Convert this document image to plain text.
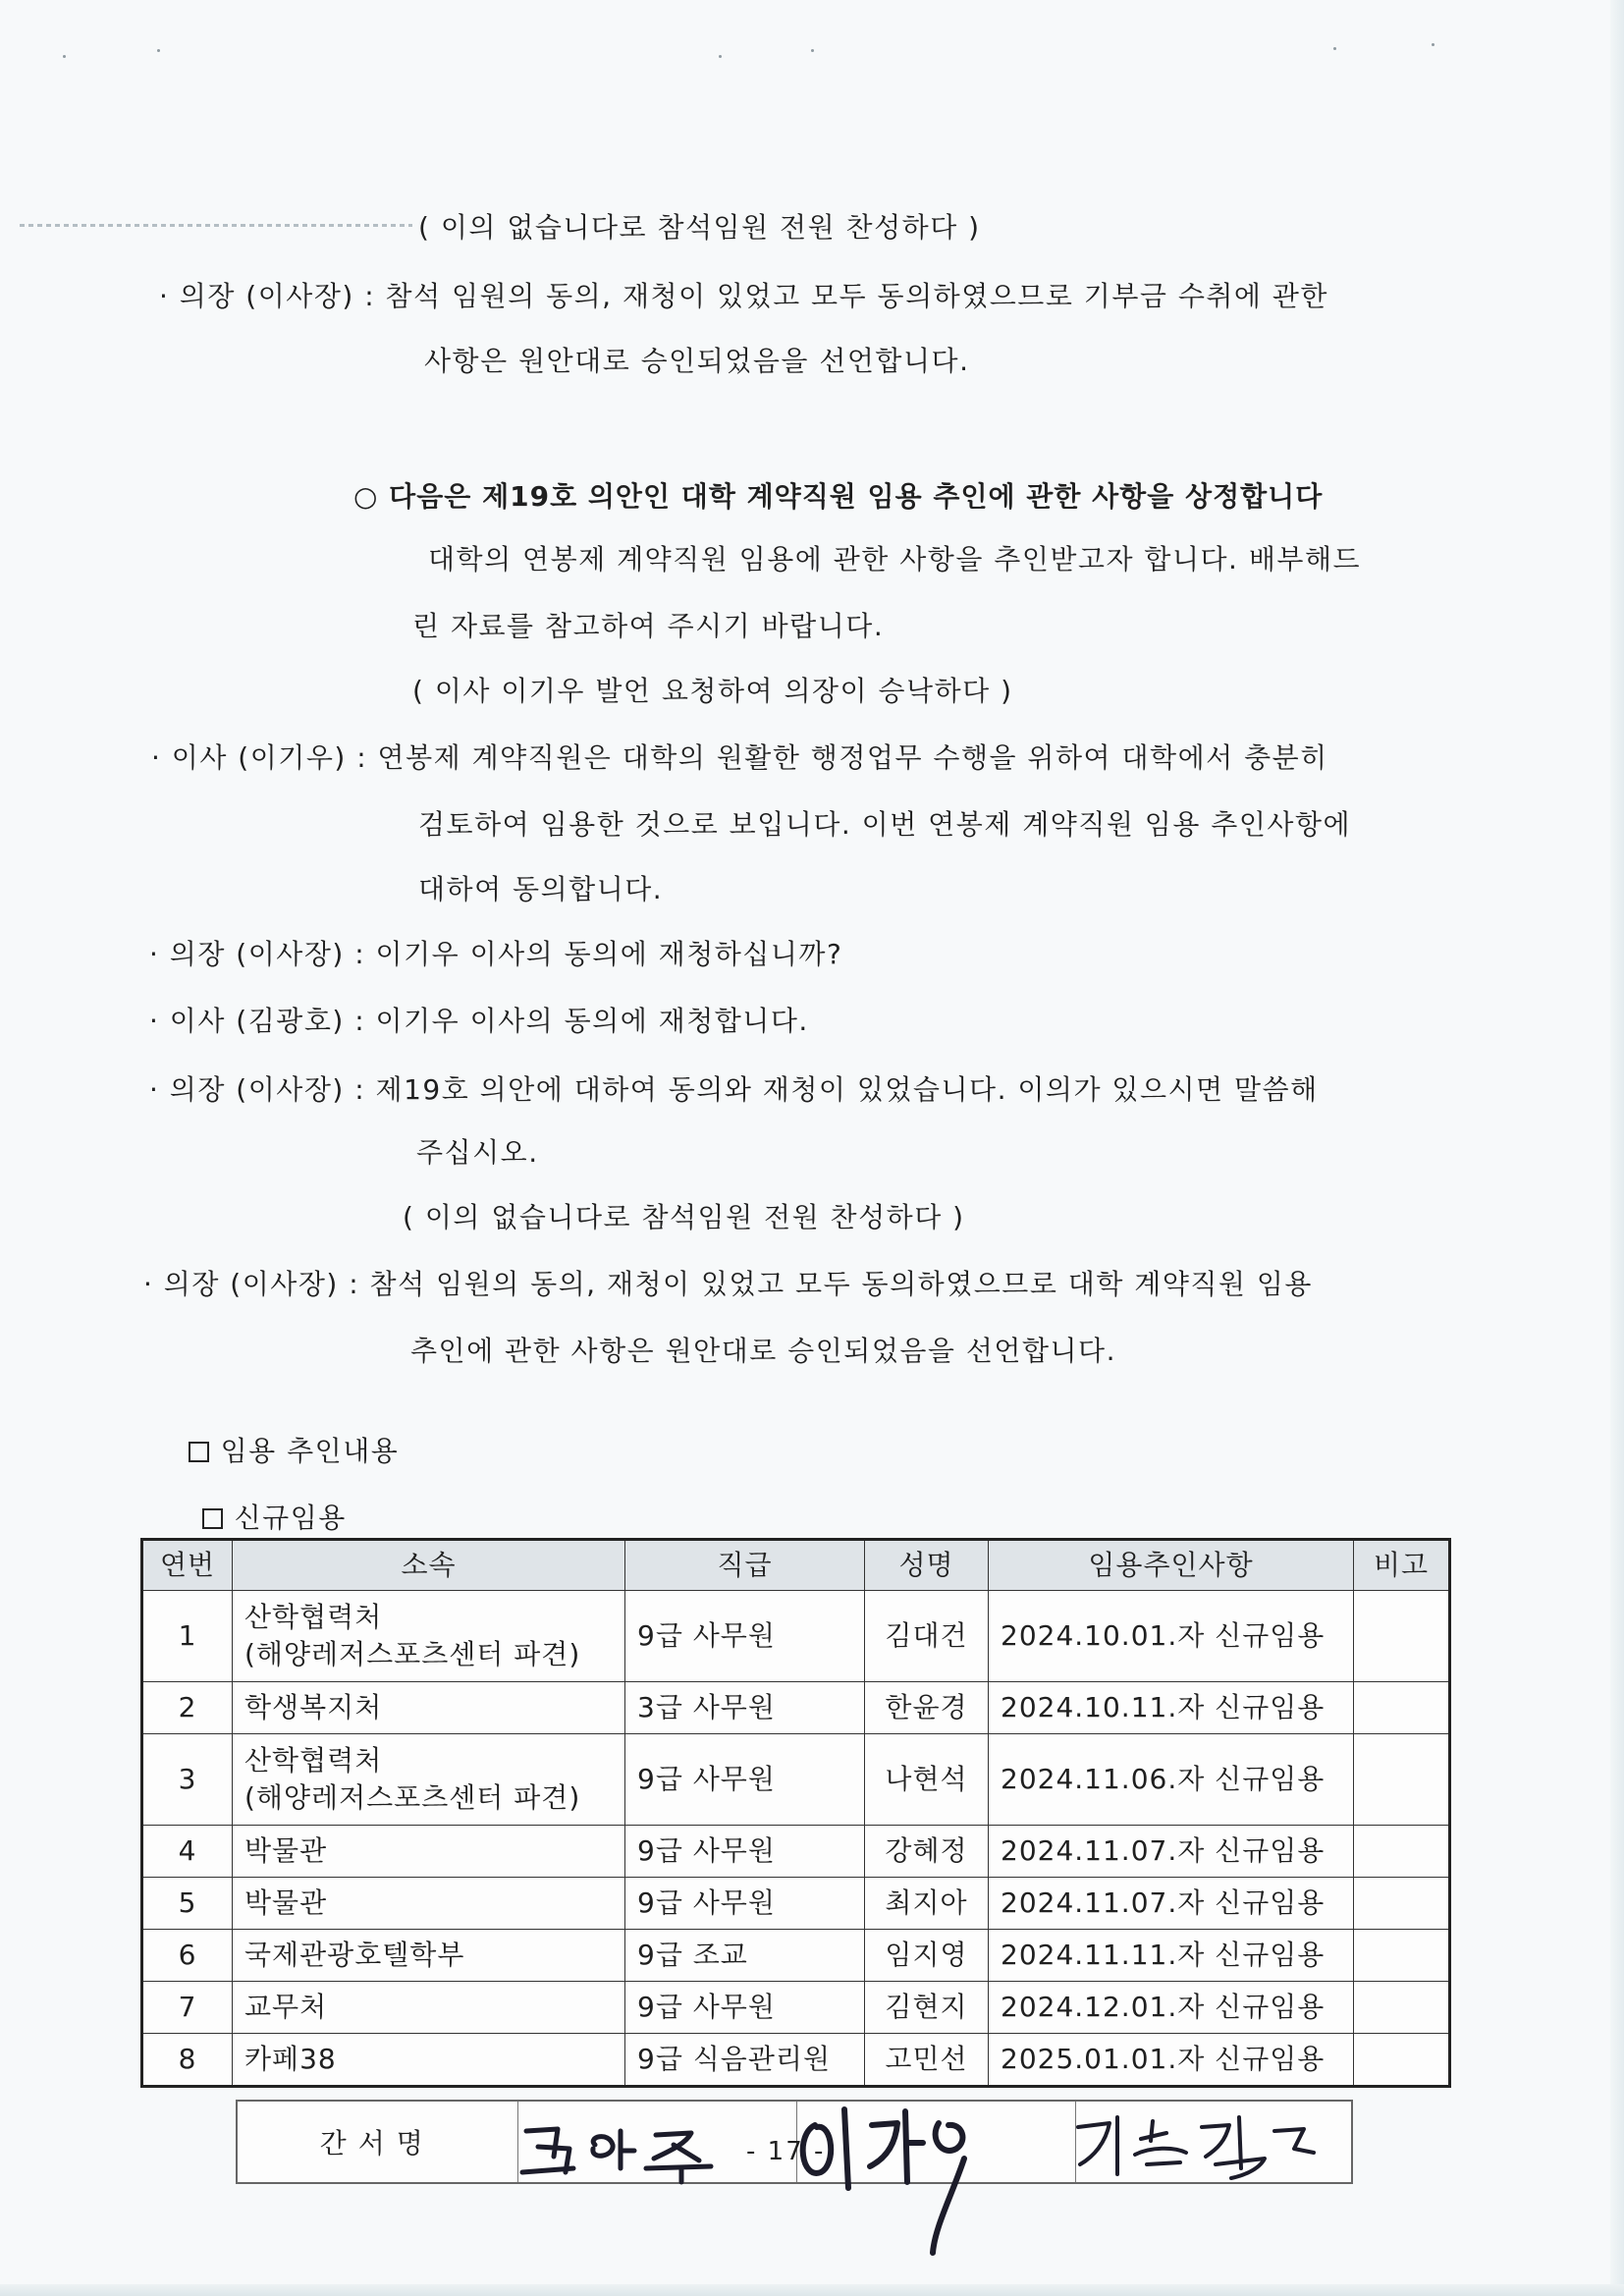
( 이의 없습니다로 참석임원 전원 찬성하다 )
· 의장 (이사장) : 참석 임원의 동의, 재청이 있었고 모두 동의하였으므로 기부금 수취에 관한
사항은 원안대로 승인되었음을 선언합니다.
○ 다음은 제19호 의안인 대학 계약직원 임용 추인에 관한 사항을 상정합니다
대학의 연봉제 계약직원 임용에 관한 사항을 추인받고자 합니다. 배부해드
린 자료를 참고하여 주시기 바랍니다.
( 이사 이기우 발언 요청하여 의장이 승낙하다 )
· 이사 (이기우) : 연봉제 계약직원은 대학의 원활한 행정업무 수행을 위하여 대학에서 충분히
검토하여 임용한 것으로 보입니다. 이번 연봉제 계약직원 임용 추인사항에
대하여 동의합니다.
· 의장 (이사장) : 이기우 이사의 동의에 재청하십니까?
· 이사 (김광호) : 이기우 이사의 동의에 재청합니다.
· 의장 (이사장) : 제19호 의안에 대하여 동의와 재청이 있었습니다. 이의가 있으시면 말씀해
주십시오.
( 이의 없습니다로 참석임원 전원 찬성하다 )
· 의장 (이사장) : 참석 임원의 동의, 재청이 있었고 모두 동의하였으므로 대학 계약직원 임용
추인에 관한 사항은 원안대로 승인되었음을 선언합니다.

임용 추인내용

신규임용

연번	소속	직급	성명	임용추인사항	비고
1	산학협력처
(해양레저스포츠센터 파견)	9급 사무원	김대건	2024.10.01.자 신규임용	
2	학생복지처	3급 사무원	한윤경	2024.10.11.자 신규임용	
3	산학협력처
(해양레저스포츠센터 파견)	9급 사무원	나현석	2024.11.06.자 신규임용	
4	박물관	9급 사무원	강혜정	2024.11.07.자 신규임용	
5	박물관	9급 사무원	최지아	2024.11.07.자 신규임용	
6	국제관광호텔학부	9급 조교	임지영	2024.11.11.자 신규임용	
7	교무처	9급 사무원	김현지	2024.12.01.자 신규임용	
8	카페38	9급 식음관리원	고민선	2025.01.01.자 신규임용	
간서명				- 17 -
